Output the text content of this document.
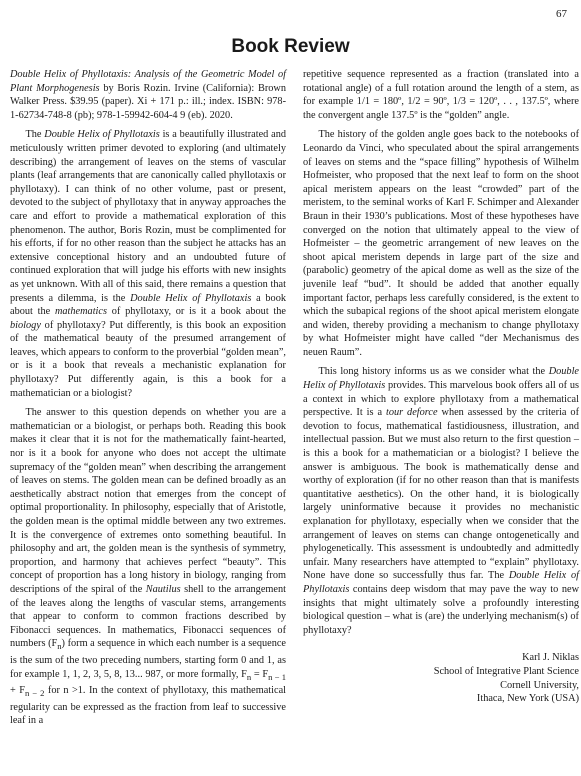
67
Book Review

Double Helix of Phyllotaxis: Analysis of the Geometric Model of Plant Morphogenesis by Boris Rozin. Irvine (California): Brown Walker Press. $39.95 (paper). Xi + 171 p.: ill.; index. ISBN: 978-1-62734-748-8 (pb); 978-1-59942-604-4 9 (eb). 2020.

The Double Helix of Phyllotaxis is a beautifully illustrated and meticulously written primer devoted to exploring (and ultimately describing) the arrangement of leaves on the stems of vascular plants (leaf arrangements that are canonically called phyllotaxis or phyllotaxy). I can think of no other volume, past or present, devoted to the subject of phyllotaxy that in anyway approaches the care and effort to provide a mathematical exploration of this phenomenon. The author, Boris Rozin, must be complimented for his efforts, if for no other reason than the subject he attacks has an extensive conceptional history and an undoubted future of continued exploration that will judge his efforts with new insights as yet unknown. With all of this said, there remains a question that presents a dilemma, is the Double Helix of Phyllotaxis a book about the mathematics of phyllotaxy, or is it a book about the biology of phyllotaxy? Put differently, is this book an exposition of the mathematical beauty of the presumed arrangement of leaves, which appears to conform to the proverbial “golden mean”, or is it a book that reveals a mechanistic explanation for phyllotaxy? Put differently again, is this a book for a mathematician or a biologist?

The answer to this question depends on whether you are a mathematician or a biologist, or perhaps both. Reading this book makes it clear that it is not for the mathematically faint-hearted, nor is it a book for anyone who does not accept the ultimate supremacy of the “golden mean” when describing the arrangement of leaves on stems. The golden mean can be defined broadly as an aesthetically abstract notion that emerges from the concept of optimal proportionality. In philosophy, especially that of Aristotle, the golden mean is the optimal middle between any two extremes. It is the convergence of extremes onto something beautiful. In philosophy and art, the golden mean is the synthesis of symmetry, proportion, and harmony that achieves perfect “beauty”. This concept of proportion has a long history in biology, ranging from descriptions of the spiral of the Nautilus shell to the arrangement of the leaves along the lengths of vascular stems, arrangements that appear to conform to common fractions described by Fibonacci sequences. In mathematics, Fibonacci sequences of numbers $(F_n)$ form a sequence in which each number is a sequence is the sum of the two preceding numbers, starting form 0 and 1, as for example 1, 1, 2, 3, 5, 8, 13... 987, or more formally, $F_n = F_{n - 1} + F_{n - 2}$ for n >1. In the context of phyllotaxy, this mathematical regularity can be expressed as the fraction from leaf to successive leaf in a

repetitive sequence represented as a fraction (translated into a rotational angle) of a full rotation around the length of a stem, as for example 1/1 = 180º, 1/2 = 90º, 1/3 = 120º, . . , 137.5º, where the convergent angle 137.5º is the “golden” angle.

The history of the golden angle goes back to the notebooks of Leonardo da Vinci, who speculated about the spiral arrangements of leaves on stems and the “space filling” hypothesis of Wilhelm Hofmeister, who proposed that the next leaf to form on the shoot apical meristem appears on the least “crowded” part of the meristem, to the seminal works of Karl F. Schimper and Alexander Braun in their 1930’s publications. Most of these hypotheses have converged on the notion that ultimately appeal to the view of Hofmeister – the geometric arrangement of new leaves on the shoot apical meristem depends in large part of the size and (parabolic) geometry of the apical dome as well as the size of the juvenile leaf “bud”. It should be added that another equally important factor, perhaps less carefully considered, is the extent to which the subapical regions of the shoot apical meristem elongate and widen, thereby providing a mechanism to change phyllotaxy by what Hofmeister might have called “der Mechanismus des neuen Raum”.

This long history informs us as we consider what the Double Helix of Phyllotaxis provides. This marvelous book offers all of us a context in which to explore phyllotaxy from a mathematical perspective. It is a tour deforce when assessed by the criteria of devotion to focus, mathematical fastidiousness, illustration, and intellectual passion. But we must also return to the first question – is this a book for a mathematician or a biologist? I believe the answer is ambiguous. The book is mathematically dense and worthy of exploration (if for no other reason than that is manifests quantitative aesthetics). On the other hand, it is biologically largely uninformative because it provides no mechanistic explanation for phyllotaxy, especially when we consider that the arrangement of leaves on stems can change ontogenetically and phylogenetically. This assessment is undoubtedly and admittedly unfair. Many researchers have attempted to “explain” phyllotaxy. None have done so successfully thus far. The Double Helix of Phyllotaxis contains deep wisdom that may pave the way to new insights that might ultimately solve a profoundly interesting biological question – what is (are) the underlying mechanism(s) of phyllotaxy?

Karl J. Niklas
School of Integrative Plant Science
Cornell University,
Ithaca, New York (USA)
